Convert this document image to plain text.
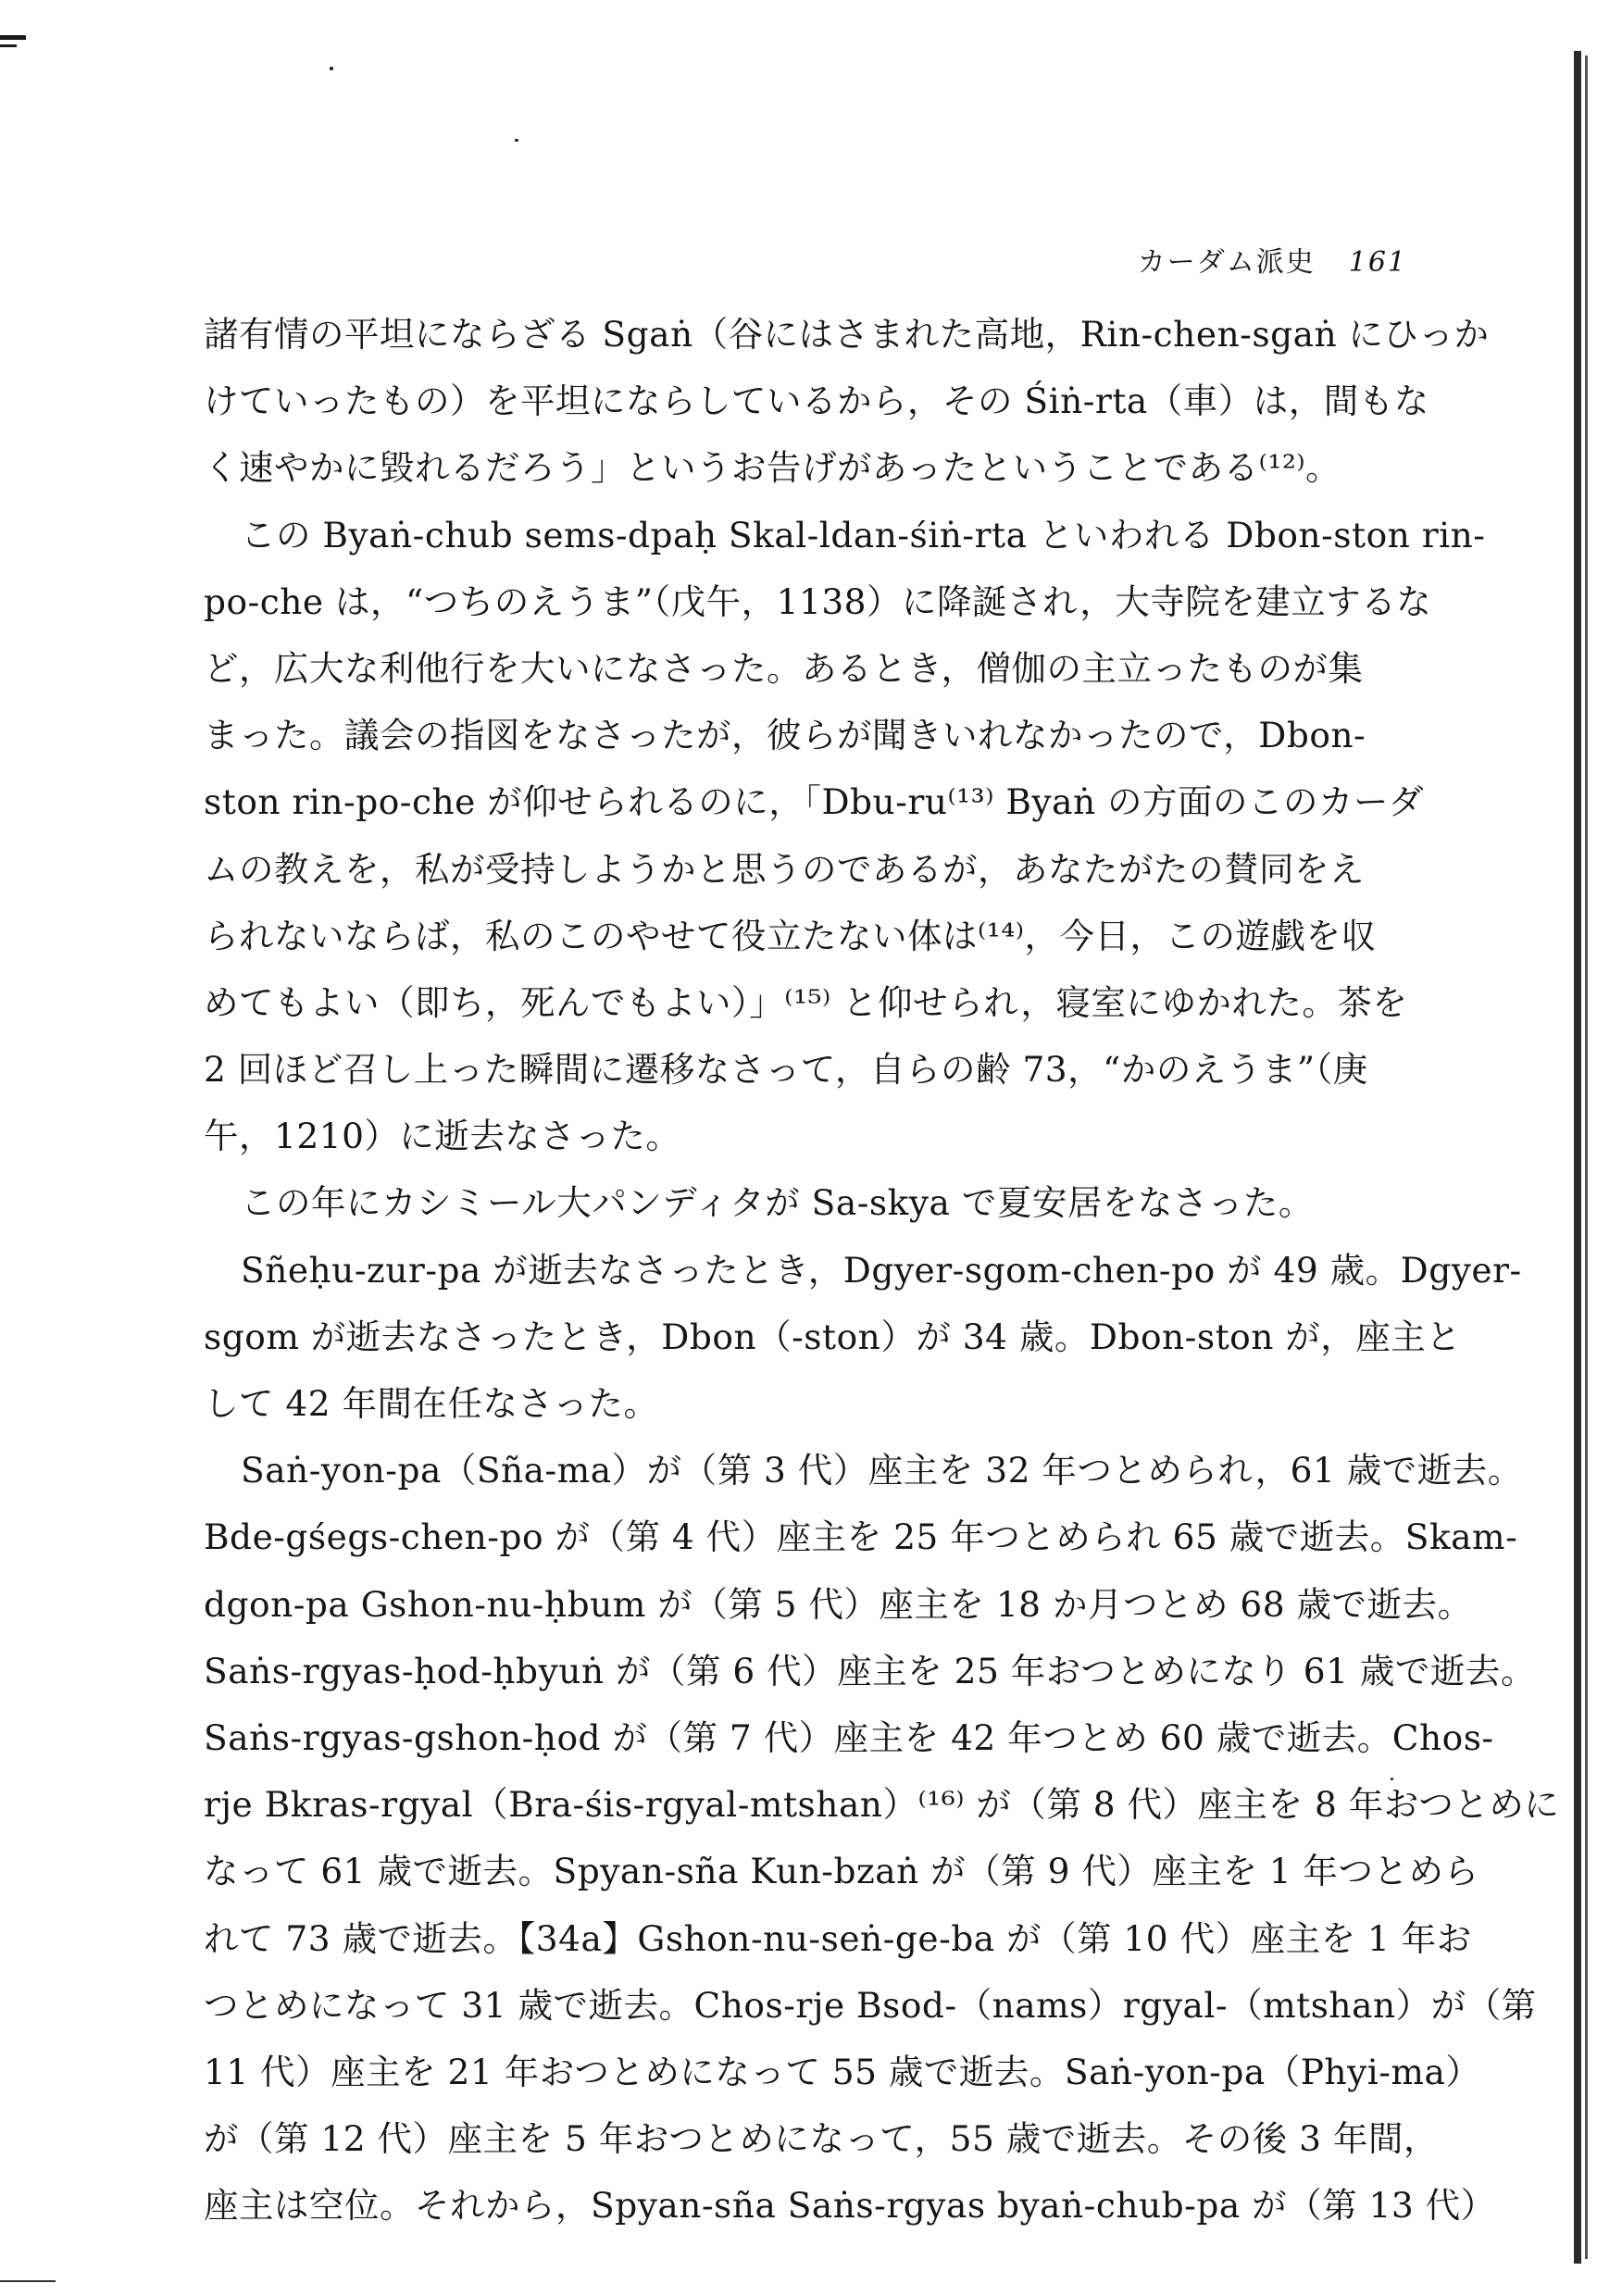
カーダム派史 161
諸有情の平坦にならざる Sgaṅ（谷にはさまれた高地，Rin-chen-sgaṅ にひっか
けていったもの）を平坦にならしているから，その Śiṅ-rta（車）は，間もな
く速やかに毀れるだろう」というお告げがあったということである⁽¹²⁾。
この Byaṅ-chub sems-dpaḥ Skal-ldan-śiṅ-rta といわれる Dbon-ston rin-
po-che は，“つちのえうま”（戊午，1138）に降誕され，大寺院を建立するな
ど，広大な利他行を大いになさった。あるとき，僧伽の主立ったものが集
まった。議会の指図をなさったが，彼らが聞きいれなかったので，Dbon-
ston rin-po-che が仰せられるのに，「Dbu-ru⁽¹³⁾ Byaṅ の方面のこのカーダ
ムの教えを，私が受持しようかと思うのであるが，あなたがたの賛同をえ
られないならば，私のこのやせて役立たない体は⁽¹⁴⁾，今日，この遊戯を収
めてもよい（即ち，死んでもよい）」⁽¹⁵⁾ と仰せられ，寝室にゆかれた。茶を
2 回ほど召し上った瞬間に遷移なさって，自らの齢 73，“かのえうま”（庚
午，1210）に逝去なさった。
この年にカシミール大パンディタが Sa-skya で夏安居をなさった。
Sñeḥu-zur-pa が逝去なさったとき，Dgyer-sgom-chen-po が 49 歳。Dgyer-
sgom が逝去なさったとき，Dbon（-ston）が 34 歳。Dbon-ston が，座主と
して 42 年間在任なさった。
Saṅ-yon-pa（Sña-ma）が（第 3 代）座主を 32 年つとめられ，61 歳で逝去。
Bde-gśegs-chen-po が（第 4 代）座主を 25 年つとめられ 65 歳で逝去。Skam-
dgon-pa Gshon-nu-ḥbum が（第 5 代）座主を 18 か月つとめ 68 歳で逝去。
Saṅs-rgyas-ḥod-ḥbyuṅ が（第 6 代）座主を 25 年おつとめになり 61 歳で逝去。
Saṅs-rgyas-gshon-ḥod が（第 7 代）座主を 42 年つとめ 60 歳で逝去。Chos-
rje Bkras-rgyal（Bra-śis-rgyal-mtshan）⁽¹⁶⁾ が（第 8 代）座主を 8 年おつとめに
なって 61 歳で逝去。Spyan-sña Kun-bzaṅ が（第 9 代）座主を 1 年つとめら
れて 73 歳で逝去。【34a】Gshon-nu-seṅ-ge-ba が（第 10 代）座主を 1 年お
つとめになって 31 歳で逝去。Chos-rje Bsod-（nams）rgyal-（mtshan）が（第
11 代）座主を 21 年おつとめになって 55 歳で逝去。Saṅ-yon-pa（Phyi-ma）
が（第 12 代）座主を 5 年おつとめになって，55 歳で逝去。その後 3 年間，
座主は空位。それから，Spyan-sña Saṅs-rgyas byaṅ-chub-pa が（第 13 代）
